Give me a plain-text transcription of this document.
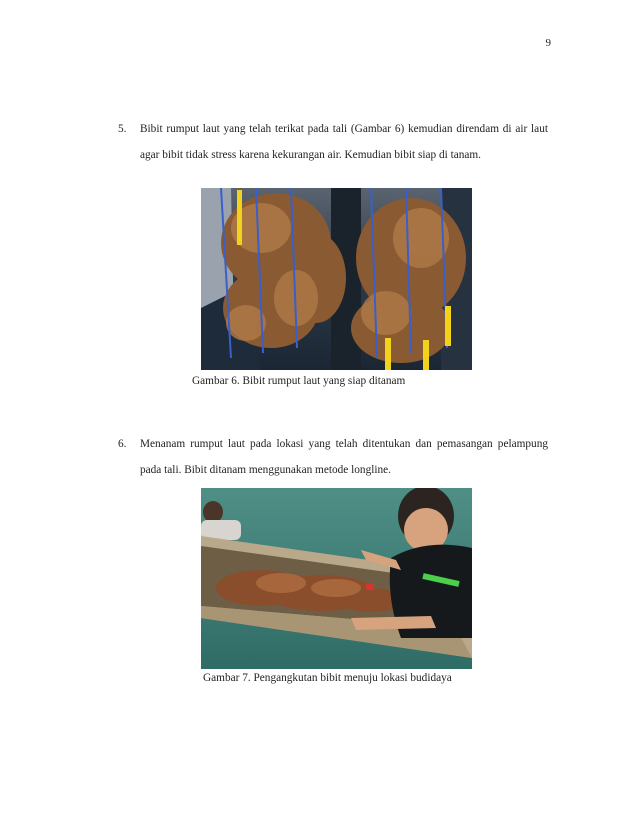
9
5. Bibit rumput laut yang telah terikat pada tali (Gambar 6) kemudian direndam di air laut agar bibit tidak stress karena kekurangan air. Kemudian bibit siap di tanam.
Gambar 6. Bibit rumput laut yang siap ditanam
6. Menanam rumput laut pada lokasi yang telah ditentukan dan pemasangan pelampung pada tali. Bibit ditanam menggunakan metode longline.
Gambar 7. Pengangkutan bibit menuju lokasi budidaya
